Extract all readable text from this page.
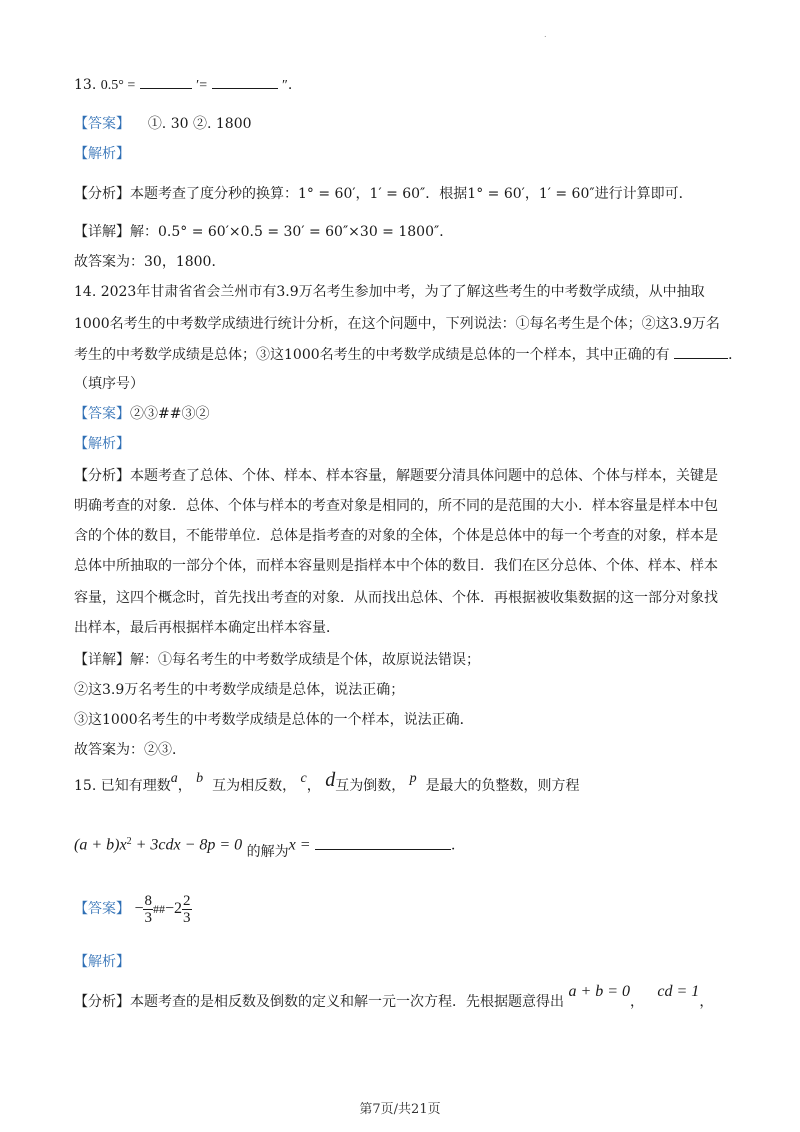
.
13. 0.5° =	′=	″.
【答案】 ①. 30 ②. 1800
【解析】
【分析】本题考查了度分秒的换算：1° = 60′，1′ = 60″．根据1° = 60′，1′ = 60″进行计算即可．
【详解】解：0.5° = 60′×0.5 = 30′ = 60″×30 = 1800″．
故答案为：30，1800．
14. 2023年甘肃省省会兰州市有3.9万名考生参加中考，为了了解这些考生的中考数学成绩，从中抽取
1000名考生的中考数学成绩进行统计分析，在这个问题中，下列说法：①每名考生是个体；②这3.9万名
考生的中考数学成绩是总体；③这1000名考生的中考数学成绩是总体的一个样本，其中正确的有	．
（填序号）
【答案】②③##③②
【解析】
【分析】本题考查了总体、个体、样本、样本容量，解题要分清具体问题中的总体、个体与样本，关键是
明确考查的对象．总体、个体与样本的考查对象是相同的，所不同的是范围的大小．样本容量是样本中包
含的个体的数目，不能带单位．总体是指考查的对象的全体，个体是总体中的每一个考查的对象，样本是
总体中所抽取的一部分个体，而样本容量则是指样本中个体的数目．我们在区分总体、个体、样本、样本
容量，这四个概念时，首先找出考查的对象．从而找出总体、个体．再根据被收集数据的这一部分对象找
出样本，最后再根据样本确定出样本容量．
【详解】解：①每名考生的中考数学成绩是个体，故原说法错误；
②这3.9万名考生的中考数学成绩是总体，说法正确；
③这1000名考生的中考数学成绩是总体的一个样本，说法正确．
故答案为：②③．
15. 已知有理数a， b 互为相反数， c， d互为倒数， p 是最大的负整数，则方程
$(a + b)x^2 + 3cdx - 8p = 0$ 的解为x =	．
【答案】 − $\frac{8}{3}$ ##−2 $\frac{2}{3}$
【解析】
【分析】本题考查的是相反数及倒数的定义和解一元一次方程．先根据题意得出 a + b = 0，   cd = 1，
第7页/共21页
